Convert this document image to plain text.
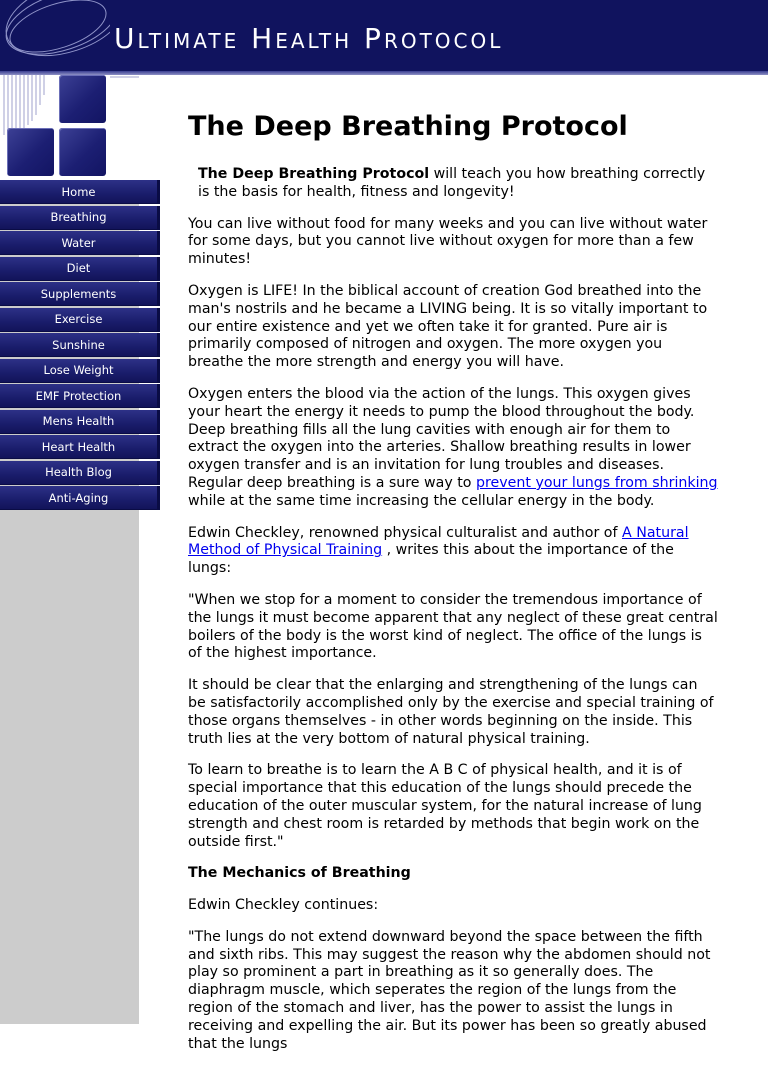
Ultimate Health Protocol
Home
Breathing
Water
Diet
Supplements
Exercise
Sunshine
Lose Weight
EMF Protection
Mens Health
Heart Health
Health Blog
Anti-Aging
The Deep Breathing Protocol

The Deep Breathing Protocol will teach you how breathing correctly is the basis for health, fitness and longevity!

You can live without food for many weeks and you can live without water for some days, but you cannot live without oxygen for more than a few minutes!

Oxygen is LIFE! In the biblical account of creation God breathed into the man's nostrils and he became a LIVING being. It is so vitally important to our entire existence and yet we often take it for granted. Pure air is primarily composed of nitrogen and oxygen. The more oxygen you breathe the more strength and energy you will have.

Oxygen enters the blood via the action of the lungs. This oxygen gives your heart the energy it needs to pump the blood throughout the body. Deep breathing fills all the lung cavities with enough air for them to extract the oxygen into the arteries. Shallow breathing results in lower oxygen transfer and is an invitation for lung troubles and diseases. Regular deep breathing is a sure way to prevent your lungs from shrinking while at the same time increasing the cellular energy in the body.

Edwin Checkley, renowned physical culturalist and author of A Natural Method of Physical Training , writes this about the importance of the lungs:

"When we stop for a moment to consider the tremendous importance of the lungs it must become apparent that any neglect of these great central boilers of the body is the worst kind of neglect. The office of the lungs is of the highest importance.

It should be clear that the enlarging and strengthening of the lungs can be satisfactorily accomplished only by the exercise and special training of those organs themselves - in other words beginning on the inside. This truth lies at the very bottom of natural physical training.

To learn to breathe is to learn the A B C of physical health, and it is of special importance that this education of the lungs should precede the education of the outer muscular system, for the natural increase of lung strength and chest room is retarded by methods that begin work on the outside first."

The Mechanics of Breathing

Edwin Checkley continues:

"The lungs do not extend downward beyond the space between the fifth and sixth ribs. This may suggest the reason why the abdomen should not play so prominent a part in breathing as it so generally does. The diaphragm muscle, which seperates the region of the lungs from the region of the stomach and liver, has the power to assist the lungs in receiving and expelling the air. But its power has been so greatly abused that the lungs
